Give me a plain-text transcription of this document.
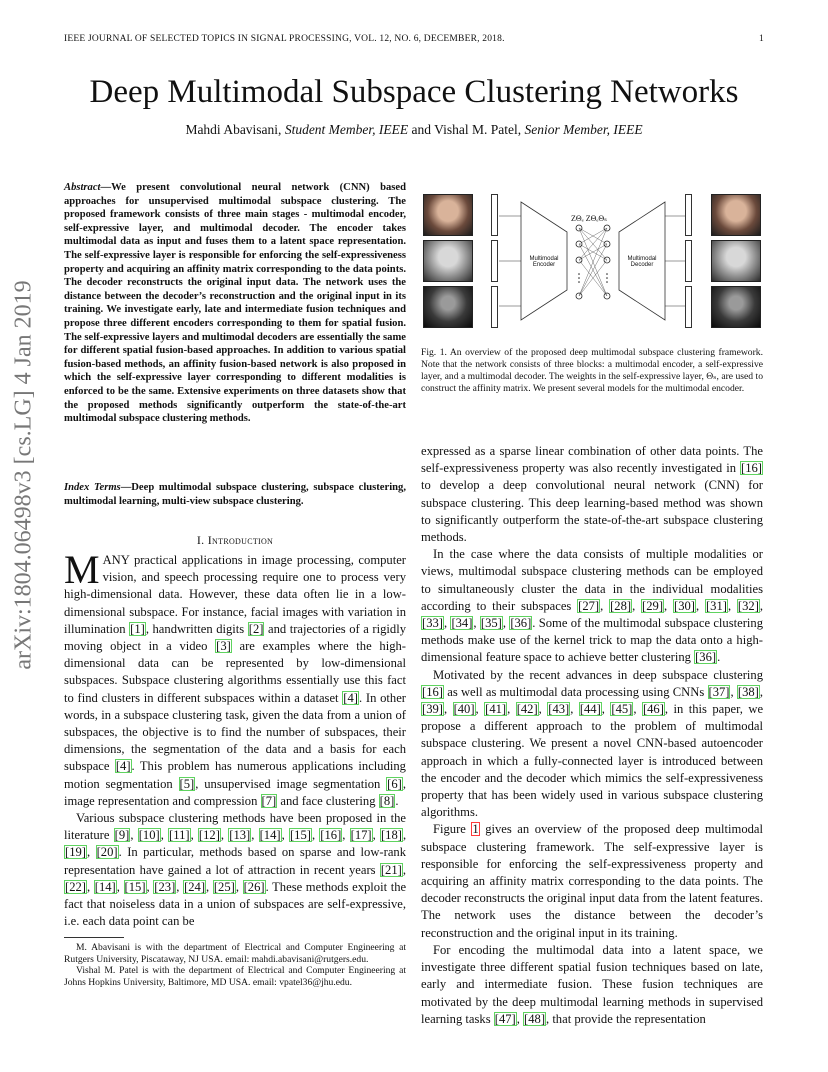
IEEE JOURNAL OF SELECTED TOPICS IN SIGNAL PROCESSING, VOL. 12, NO. 6, DECEMBER, 2018.	1
Deep Multimodal Subspace Clustering Networks
Mahdi Abavisani, Student Member, IEEE and Vishal M. Patel, Senior Member, IEEE
arXiv:1804.06498v3 [cs.LG] 4 Jan 2019
Abstract—We present convolutional neural network (CNN) based approaches for unsupervised multimodal subspace clustering. The proposed framework consists of three main stages - multimodal encoder, self-expressive layer, and multimodal decoder. The encoder takes multimodal data as input and fuses them to a latent space representation. The self-expressive layer is responsible for enforcing the self-expressiveness property and acquiring an affinity matrix corresponding to the data points. The decoder reconstructs the original input data. The network uses the distance between the decoder’s reconstruction and the original input in its training. We investigate early, late and intermediate fusion techniques and propose three different encoders corresponding to them for spatial fusion. The self-expressive layers and multimodal decoders are essentially the same for different spatial fusion-based approaches. In addition to various spatial fusion-based methods, an affinity fusion-based network is also proposed in which the self-expressive layer corresponding to different modalities is enforced to be the same. Extensive experiments on three datasets show that the proposed methods significantly outperform the state-of-the-art multimodal subspace clustering methods.
Index Terms—Deep multimodal subspace clustering, subspace clustering, multimodal learning, multi-view subspace clustering.
I. Introduction

MANY practical applications in image processing, computer vision, and speech processing require one to process very high-dimensional data. However, these data often lie in a low-dimensional subspace. For instance, facial images with variation in illumination [1], handwritten digits [2] and trajectories of a rigidly moving object in a video [3] are examples where the high-dimensional data can be represented by low-dimensional subspaces. Subspace clustering algorithms essentially use this fact to find clusters in different subspaces within a dataset [4]. In other words, in a subspace clustering task, given the data from a union of subspaces, the objective is to find the number of subspaces, their dimensions, the segmentation of the data and a basis for each subspace [4]. This problem has numerous applications including motion segmentation [5], unsupervised image segmentation [6], image representation and compression [7] and face clustering [8].

Various subspace clustering methods have been proposed in the literature [9], [10], [11], [12], [13], [14], [15], [16], [17], [18], [19], [20]. In particular, methods based on sparse and low-rank representation have gained a lot of attraction in recent years [21], [22], [14], [15], [23], [24], [25], [26]. These methods exploit the fact that noiseless data in a union of subspaces are self-expressive, i.e. each data point can be

M. Abavisani is with the department of Electrical and Computer Engineering at Rutgers University, Piscataway, NJ USA. email: mahdi.abavisani@rutgers.edu.

Vishal M. Patel is with the department of Electrical and Computer Engineering at Johns Hopkins University, Baltimore, MD USA. email: vpatel36@jhu.edu.

ZΘₑ ZΘₑΘₛ
Multimodal Encoder
Multimodal Decoder
Fig. 1. An overview of the proposed deep multimodal subspace clustering framework. Note that the network consists of three blocks: a multimodal encoder, a self-expressive layer, and a multimodal decoder. The weights in the self-expressive layer, Θₛ, are used to construct the affinity matrix. We present several models for the multimodal encoder.

expressed as a sparse linear combination of other data points. The self-expressiveness property was also recently investigated in [16] to develop a deep convolutional neural network (CNN) for subspace clustering. This deep learning-based method was shown to significantly outperform the state-of-the-art subspace clustering methods.

In the case where the data consists of multiple modalities or views, multimodal subspace clustering methods can be employed to simultaneously cluster the data in the individual modalities according to their subspaces [27], [28], [29], [30], [31], [32], [33], [34], [35], [36]. Some of the multimodal subspace clustering methods make use of the kernel trick to map the data onto a high-dimensional feature space to achieve better clustering [36].

Motivated by the recent advances in deep subspace clustering [16] as well as multimodal data processing using CNNs [37], [38], [39], [40], [41], [42], [43], [44], [45], [46], in this paper, we propose a different approach to the problem of multimodal subspace clustering. We present a novel CNN-based autoencoder approach in which a fully-connected layer is introduced between the encoder and the decoder which mimics the self-expressiveness property that has been widely used in various subspace clustering algorithms.

Figure 1 gives an overview of the proposed deep multimodal subspace clustering framework. The self-expressive layer is responsible for enforcing the self-expressiveness property and acquiring an affinity matrix corresponding to the data points. The decoder reconstructs the original input data from the latent features. The network uses the distance between the decoder’s reconstruction and the original input in its training.

For encoding the multimodal data into a latent space, we investigate three different spatial fusion techniques based on late, early and intermediate fusion. These fusion techniques are motivated by the deep multimodal learning methods in supervised learning tasks [47], [48], that provide the representation
